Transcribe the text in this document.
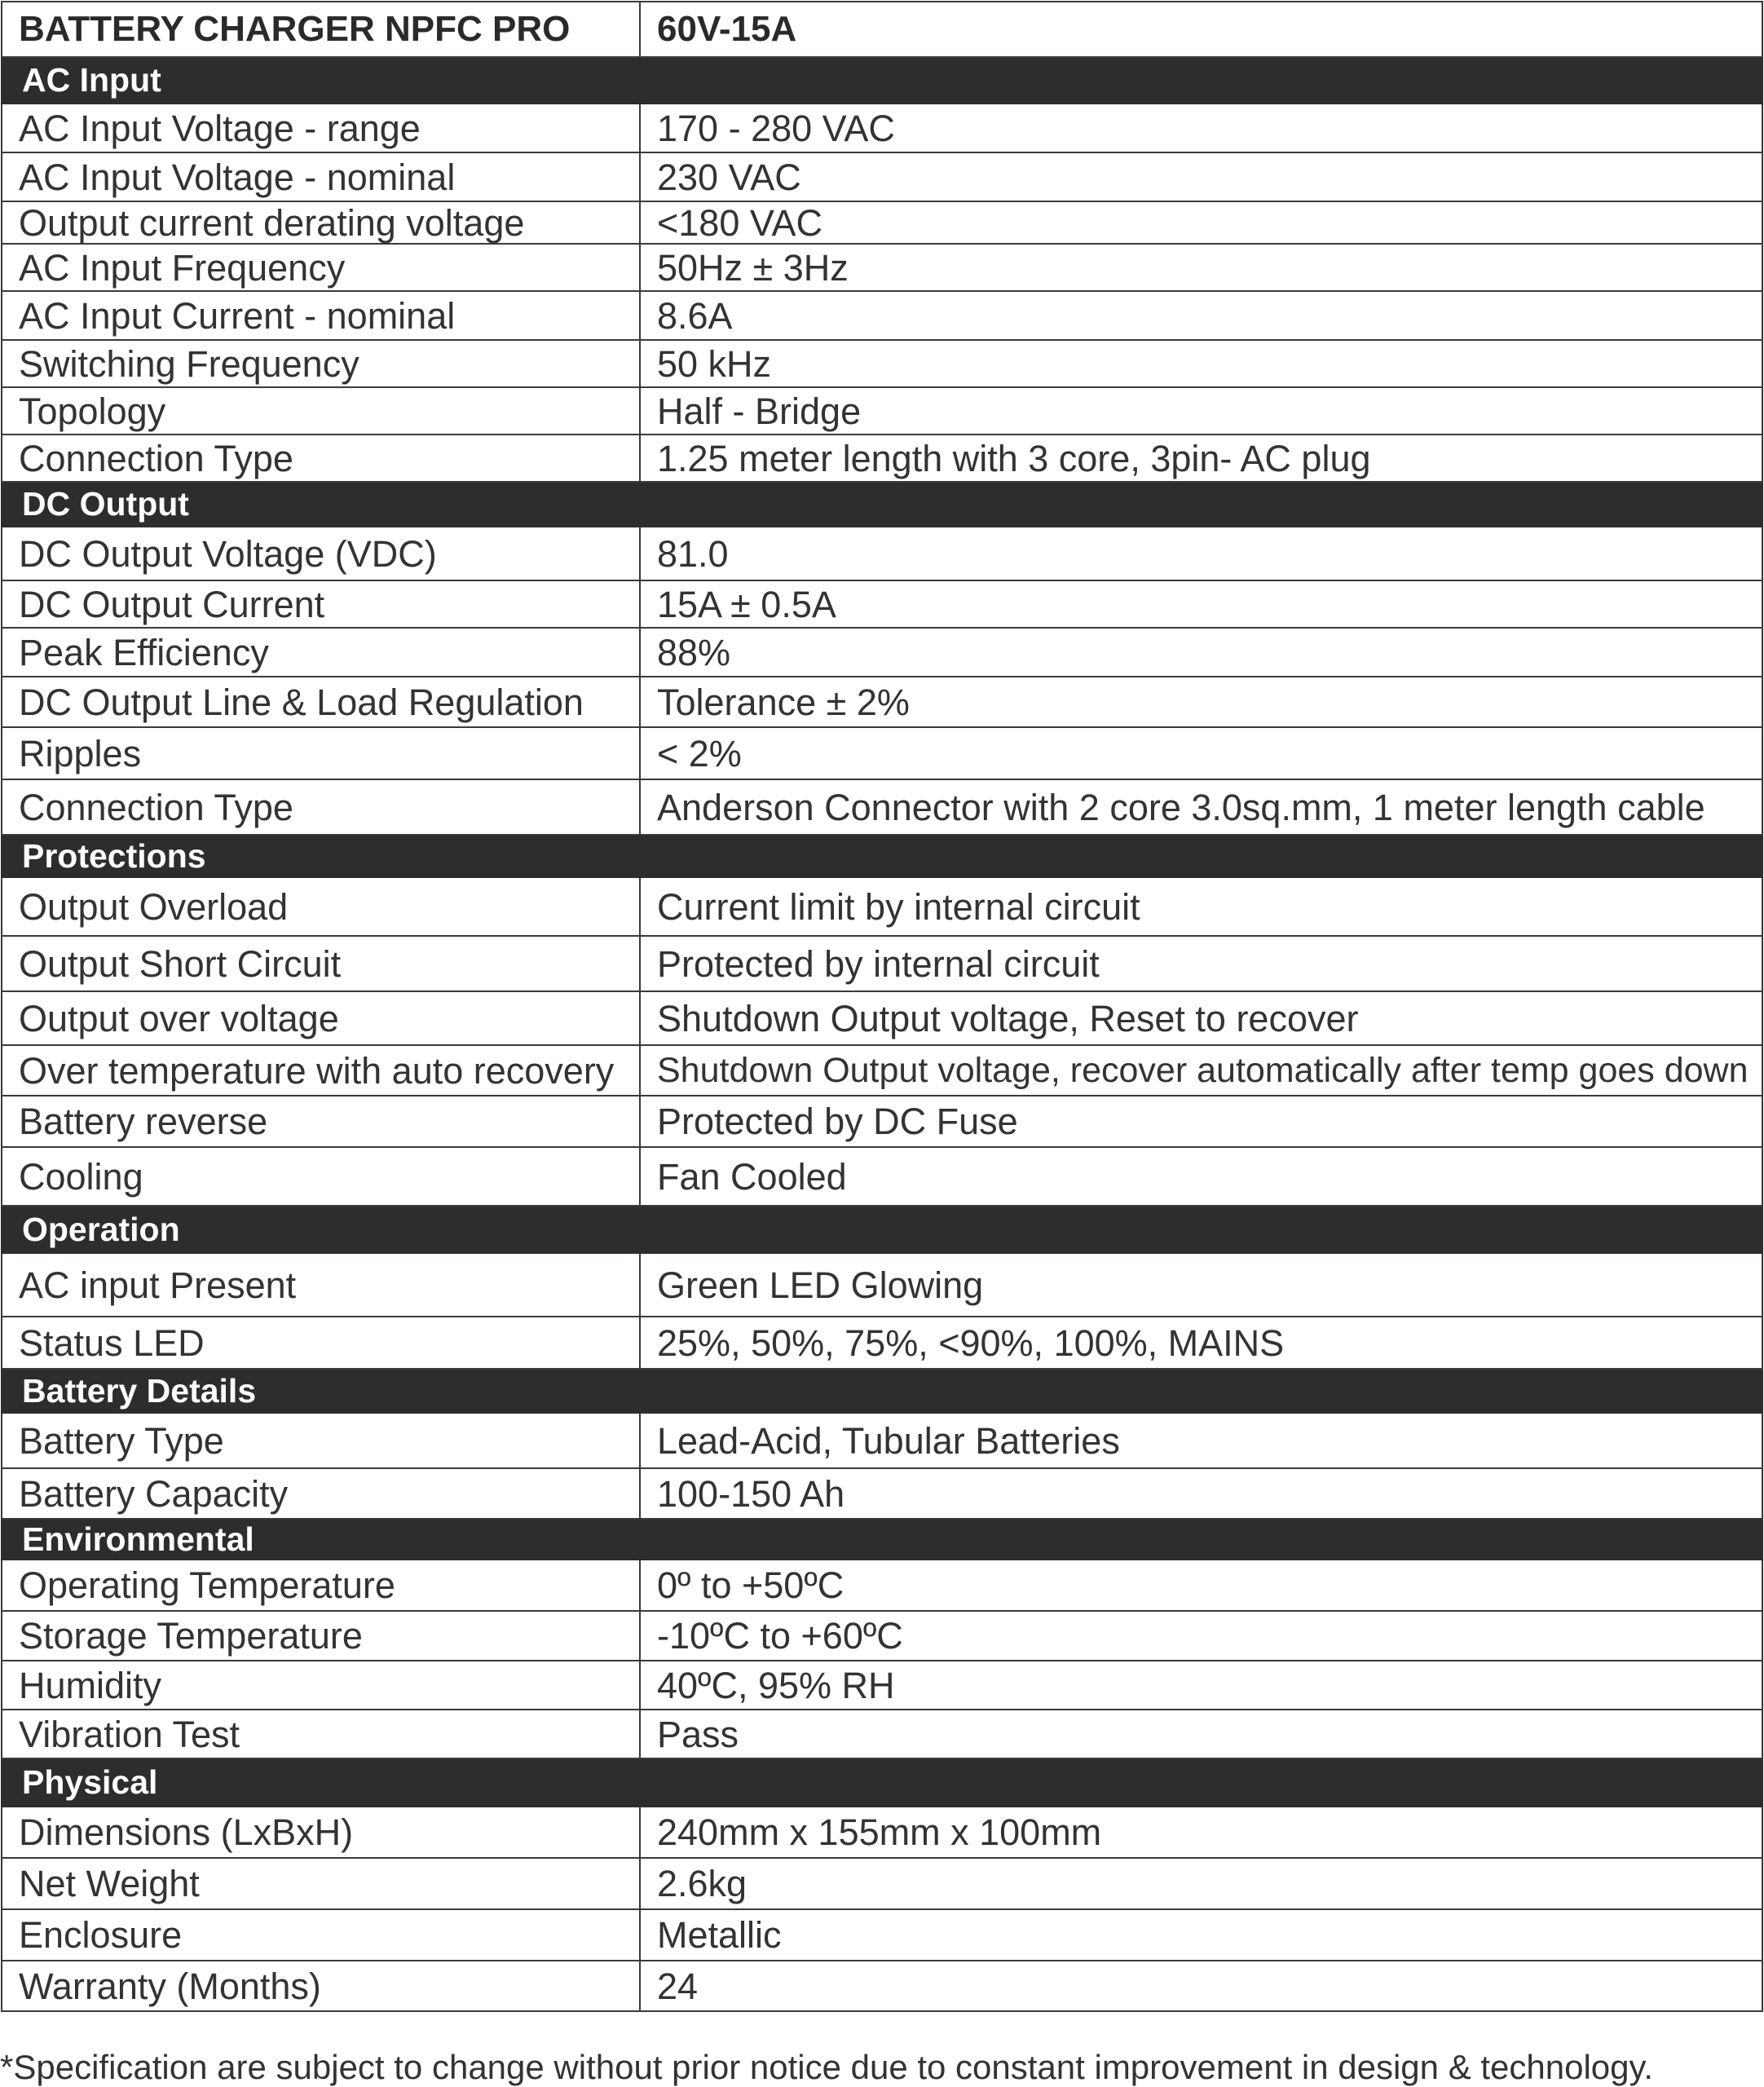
BATTERY CHARGER NPFC PRO	60V-15A
AC Input	
AC Input Voltage - range	170 - 280 VAC
AC Input Voltage - nominal	230 VAC
Output current derating voltage	<180 VAC
AC Input Frequency	50Hz ± 3Hz
AC Input Current - nominal	8.6A
Switching Frequency	50 kHz
Topology	Half - Bridge
Connection Type	1.25 meter length with 3 core, 3pin- AC plug
DC Output	
DC Output Voltage (VDC)	81.0
DC Output Current	15A ± 0.5A
Peak Efficiency	88%
DC Output Line & Load Regulation	Tolerance ± 2%
Ripples	< 2%
Connection Type	Anderson Connector with 2 core 3.0sq.mm, 1 meter length cable
Protections	
Output Overload	Current limit by internal circuit
Output Short Circuit	Protected by internal circuit
Output over voltage	Shutdown Output voltage, Reset to recover
Over temperature with auto recovery	Shutdown Output voltage, recover automatically after temp goes down
Battery reverse	Protected by DC Fuse
Cooling	Fan Cooled
Operation	
AC input Present	Green LED Glowing
Status LED	25%, 50%, 75%, <90%, 100%, MAINS
Battery Details	
Battery Type	Lead-Acid, Tubular Batteries
Battery Capacity	100-150 Ah
Environmental	
Operating Temperature	0º to +50ºC
Storage Temperature	-10ºC to +60ºC
Humidity	40ºC, 95% RH
Vibration Test	Pass
Physical	
Dimensions (LxBxH)	240mm x 155mm x 100mm
Net Weight	2.6kg
Enclosure	Metallic
Warranty (Months)	24
*Specification are subject to change without prior notice due to constant improvement in design & technology.
